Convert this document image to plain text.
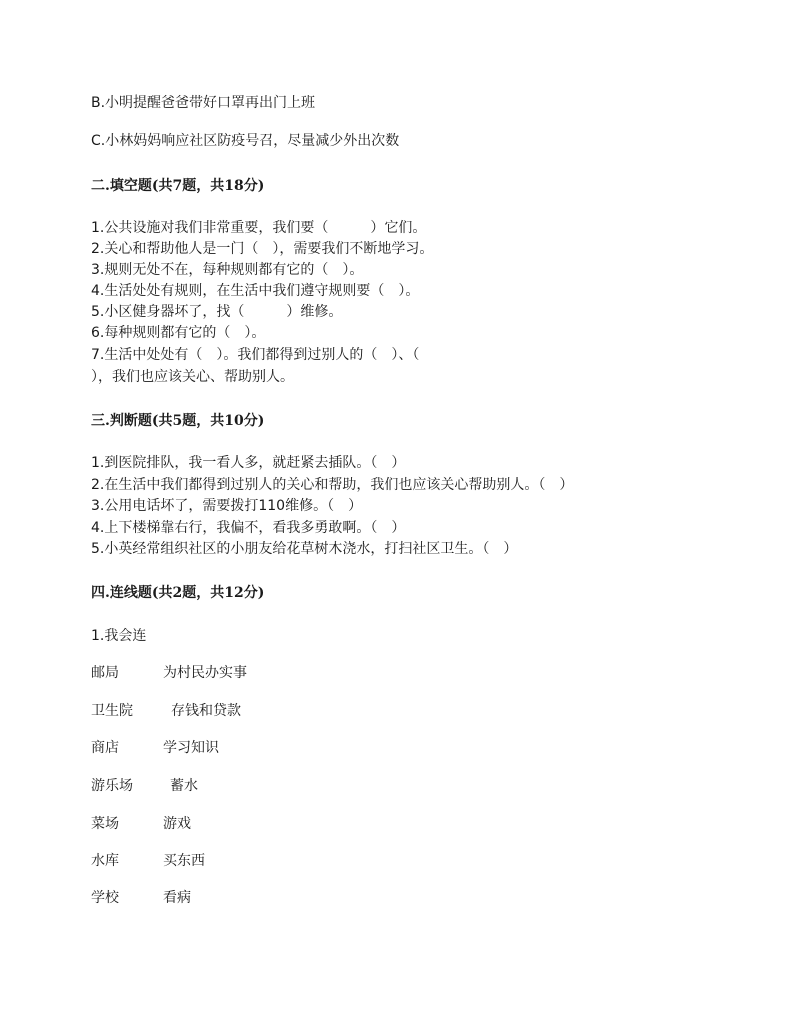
B.小明提醒爸爸带好口罩再出门上班
C.小林妈妈响应社区防疫号召，尽量减少外出次数
二.填空题(共7题，共18分)
1.公共设施对我们非常重要，我们要（　　　）它们。
2.关心和帮助他人是一门（　），需要我们不断地学习。
3.规则无处不在，每种规则都有它的（　）。
4.生活处处有规则，在生活中我们遵守规则要（　）。
5.小区健身器坏了，找（　　　）维修。
6.每种规则都有它的（　）。
7.生活中处处有（　）。我们都得到过别人的（　）、（
），我们也应该关心、帮助别人。
三.判断题(共5题，共10分)
1.到医院排队，我一看人多，就赶紧去插队。（　）
2.在生活中我们都得到过别人的关心和帮助，我们也应该关心帮助别人。（　）
3.公用电话坏了，需要拨打110维修。（　）
4.上下楼梯靠右行，我偏不，看我多勇敢啊。（　）
5.小英经常组织社区的小朋友给花草树木浇水，打扫社区卫生。（　）
四.连线题(共2题，共12分)
1.我会连
邮局	为村民办实事
卫生院	存钱和贷款
商店	学习知识
游乐场	蓄水
菜场	游戏
水库	买东西
学校	看病
